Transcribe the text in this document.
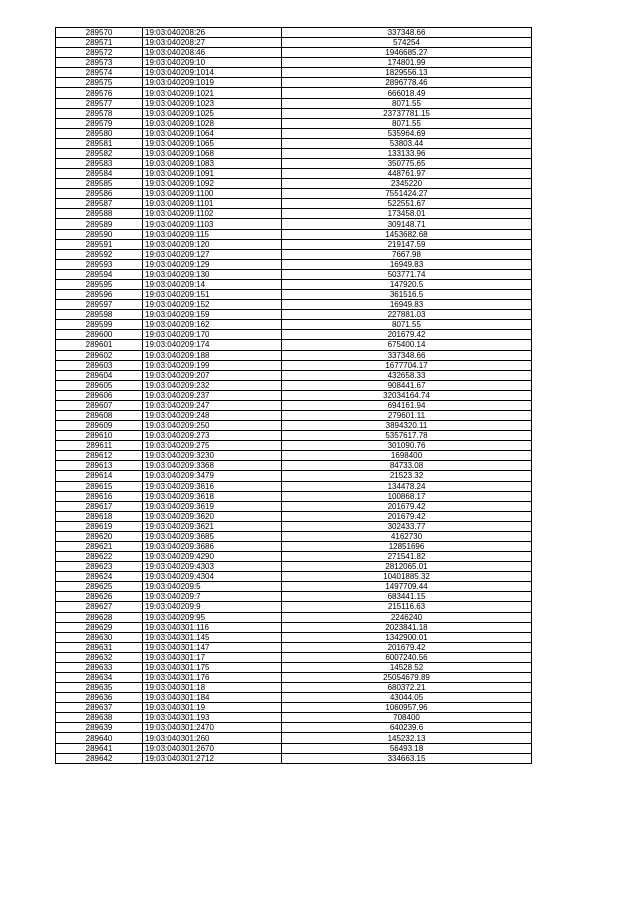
289570	19:03:040208:26	337348.66
289571	19:03:040208:27	574254
289572	19:03:040208:46	1946685.27
289573	19:03:040209:10	174801.99
289574	19:03:040209:1014	1829556.13
289575	19:03:040209:1019	2896778.46
289576	19:03:040209:1021	666018.49
289577	19:03:040209:1023	8071.55
289578	19:03:040209:1025	23737781.15
289579	19:03:040209:1028	8071.55
289580	19:03:040209:1064	535964.69
289581	19:03:040209:1065	53803.44
289582	19:03:040209:1068	133133.96
289583	19:03:040209:1083	350775.65
289584	19:03:040209:1091	448761.97
289585	19:03:040209:1092	2345220
289586	19:03:040209:1100	7551424.27
289587	19:03:040209:1101	522551.67
289588	19:03:040209:1102	173458.01
289589	19:03:040209:1103	309148.71
289590	19:03:040209:115	1453682.68
289591	19:03:040209:120	219147.59
289592	19:03:040209:127	7667.98
289593	19:03:040209:129	16949.83
289594	19:03:040209:130	503771.74
289595	19:03:040209:14	147920.5
289596	19:03:040209:151	361516.5
289597	19:03:040209:152	16949.83
289598	19:03:040209:159	227881.03
289599	19:03:040209:162	8071.55
289600	19:03:040209:170	201679.42
289601	19:03:040209:174	675400.14
289602	19:03:040209:188	337348.66
289603	19:03:040209:199	1677704.17
289604	19:03:040209:207	432658.33
289605	19:03:040209:232	908441.67
289606	19:03:040209:237	32034164.74
289607	19:03:040209:247	694161.94
289608	19:03:040209:248	279601.11
289609	19:03:040209:250	3894320.11
289610	19:03:040209:273	5357617.78
289611	19:03:040209:275	301090.76
289612	19:03:040209:3230	1698400
289613	19:03:040209:3368	84733.08
289614	19:03:040209:3479	21523.32
289615	19:03:040209:3616	134478.24
289616	19:03:040209:3618	100868.17
289617	19:03:040209:3619	201679.42
289618	19:03:040209:3620	201679.42
289619	19:03:040209:3621	302433.77
289620	19:03:040209:3685	4162730
289621	19:03:040209:3686	12851696
289622	19:03:040209:4290	271541.82
289623	19:03:040209:4303	2812065.01
289624	19:03:040209:4304	10401885.32
289625	19:03:040209:5	1497709.44
289626	19:03:040209:7	683441.15
289627	19:03:040209:9	215116.63
289628	19:03:040209:95	2246240
289629	19:03:040301:116	2023841.18
289630	19:03:040301:145	1342900.01
289631	19:03:040301:147	201679.42
289632	19:03:040301:17	6007240.56
289633	19:03:040301:175	14528.52
289634	19:03:040301:176	25054679.89
289635	19:03:040301:18	680372.21
289636	19:03:040301:184	43044.05
289637	19:03:040301:19	1060957.96
289638	19:03:040301:193	708400
289639	19:03:040301:2470	640239.6
289640	19:03:040301:260	145232.13
289641	19:03:040301:2670	56493.18
289642	19:03:040301:2712	334663.15
